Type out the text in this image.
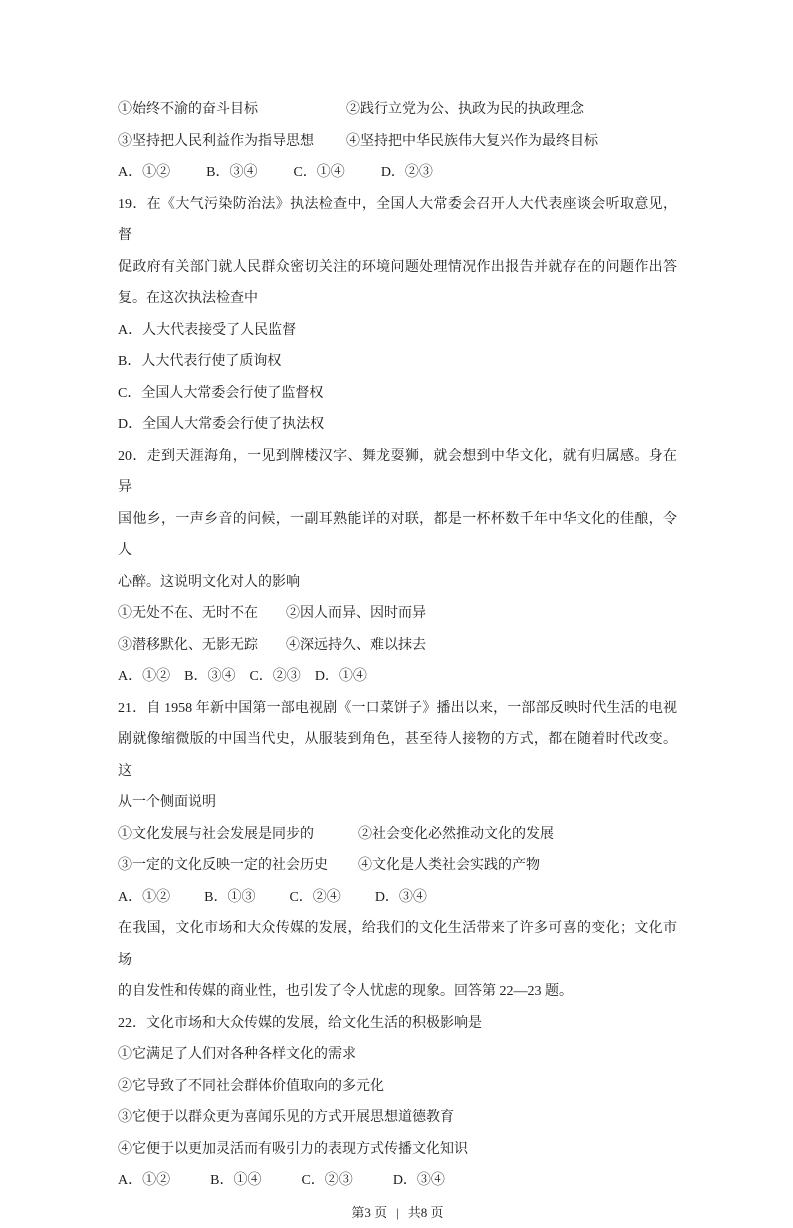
①始终不渝的奋斗目标	②践行立党为公、执政为民的执政理念

③坚持把人民利益作为指导思想	④坚持把中华民族伟大复兴作为最终目标

A．①②	B．③④	C．①④	D．②③

19．在《大气污染防治法》执法检查中，全国人大常委会召开人大代表座谈会听取意见，督

促政府有关部门就人民群众密切关注的环境问题处理情况作出报告并就存在的问题作出答

复。在这次执法检查中

A．人大代表接受了人民监督

B．人大代表行使了质询权

C．全国人大常委会行使了监督权

D．全国人大常委会行使了执法权

20．走到天涯海角，一见到牌楼汉字、舞龙耍狮，就会想到中华文化，就有归属感。身在异

国他乡，一声乡音的问候，一副耳熟能详的对联，都是一杯杯数千年中华文化的佳酿，令人

心醉。这说明文化对人的影响

①无处不在、无时不在	②因人而异、因时而异

③潜移默化、无影无踪	④深远持久、难以抹去

A．①② B．③④ C．②③ D．①④

21．自 1958 年新中国第一部电视剧《一口菜饼子》播出以来，一部部反映时代生活的电视

剧就像缩微版的中国当代史，从服装到角色，甚至待人接物的方式，都在随着时代改变。这

从一个侧面说明

①文化发展与社会发展是同步的	②社会变化必然推动文化的发展

③一定的文化反映一定的社会历史	④文化是人类社会实践的产物

A．①② B．①③ C．②④ D．③④

在我国，文化市场和大众传媒的发展，给我们的文化生活带来了许多可喜的变化；文化市场

的自发性和传媒的商业性，也引发了令人忧虑的现象。回答第 22—23 题。

22．文化市场和大众传媒的发展，给文化生活的积极影响是

①它满足了人们对各种各样文化的需求

②它导致了不同社会群体价值取向的多元化

③它便于以群众更为喜闻乐见的方式开展思想道德教育

④它便于以更加灵活而有吸引力的表现方式传播文化知识

A．①②	B．①④	C．②③	D．③④

第3 页 | 共8 页
